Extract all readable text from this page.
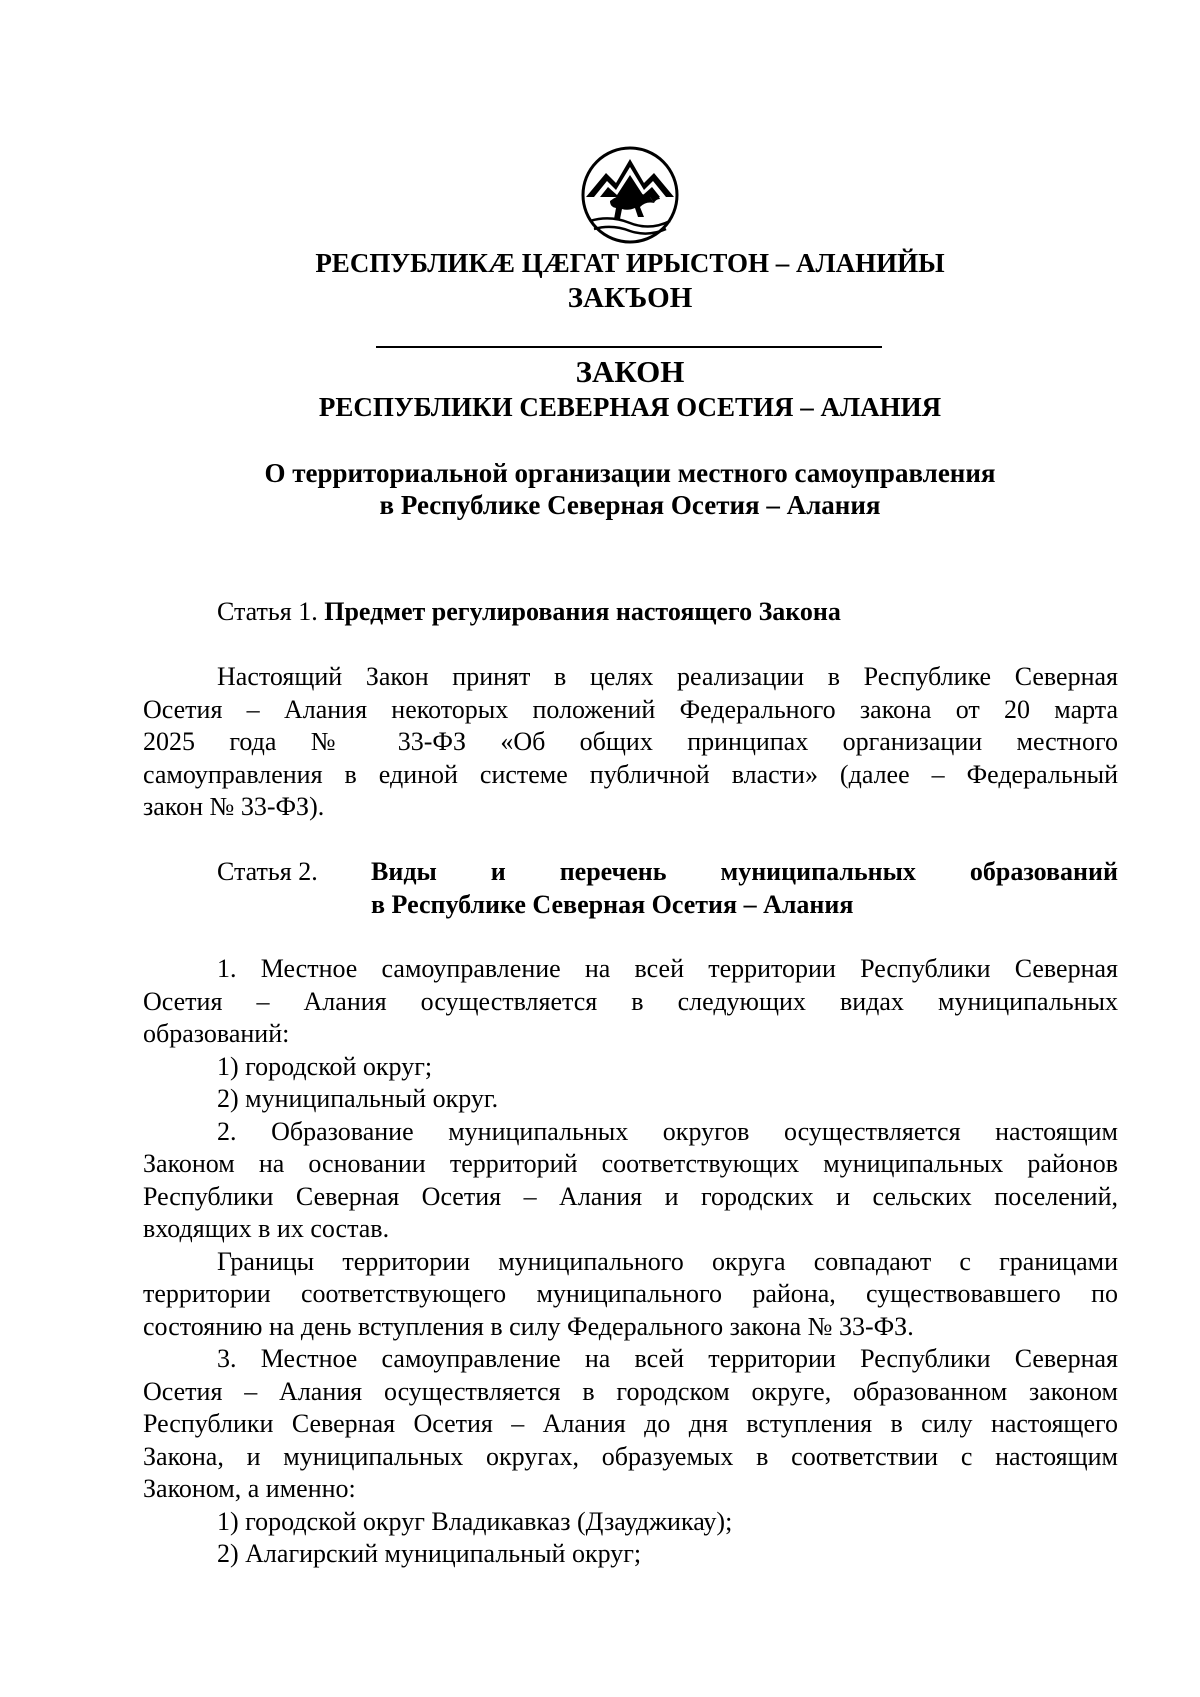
РЕСПУБЛИКӔ ЦӔГАТ ИРЫСТОН – АЛАНИЙЫ
ЗАКЪОН
ЗАКОН
РЕСПУБЛИКИ СЕВЕРНАЯ ОСЕТИЯ – АЛАНИЯ
О территориальной организации местного самоуправления
в Республике Северная Осетия – Алания
Статья 1. Предмет регулирования настоящего Закона
Настоящий Закон принят в целях реализации в Республике Северная
Осетия – Алания некоторых положений Федерального закона от 20 марта
2025 года № 33-ФЗ «Об общих принципах организации местного
самоуправления в единой системе публичной власти» (далее – Федеральный
закон № 33-ФЗ).
Статья 2. Виды и перечень муниципальных образований
в Республике Северная Осетия – Алания
1. Местное самоуправление на всей территории Республики Северная
Осетия – Алания осуществляется в следующих видах муниципальных
образований:
1) городской округ;
2) муниципальный округ.
2. Образование муниципальных округов осуществляется настоящим
Законом на основании территорий соответствующих муниципальных районов
Республики Северная Осетия – Алания и городских и сельских поселений,
входящих в их состав.
Границы территории муниципального округа совпадают с границами
территории соответствующего муниципального района, существовавшего по
состоянию на день вступления в силу Федерального закона № 33-ФЗ.
3. Местное самоуправление на всей территории Республики Северная
Осетия – Алания осуществляется в городском округе, образованном законом
Республики Северная Осетия – Алания до дня вступления в силу настоящего
Закона, и муниципальных округах, образуемых в соответствии с настоящим
Законом, а именно:
1) городской округ Владикавказ (Дзауджикау);
2) Алагирский муниципальный округ;
